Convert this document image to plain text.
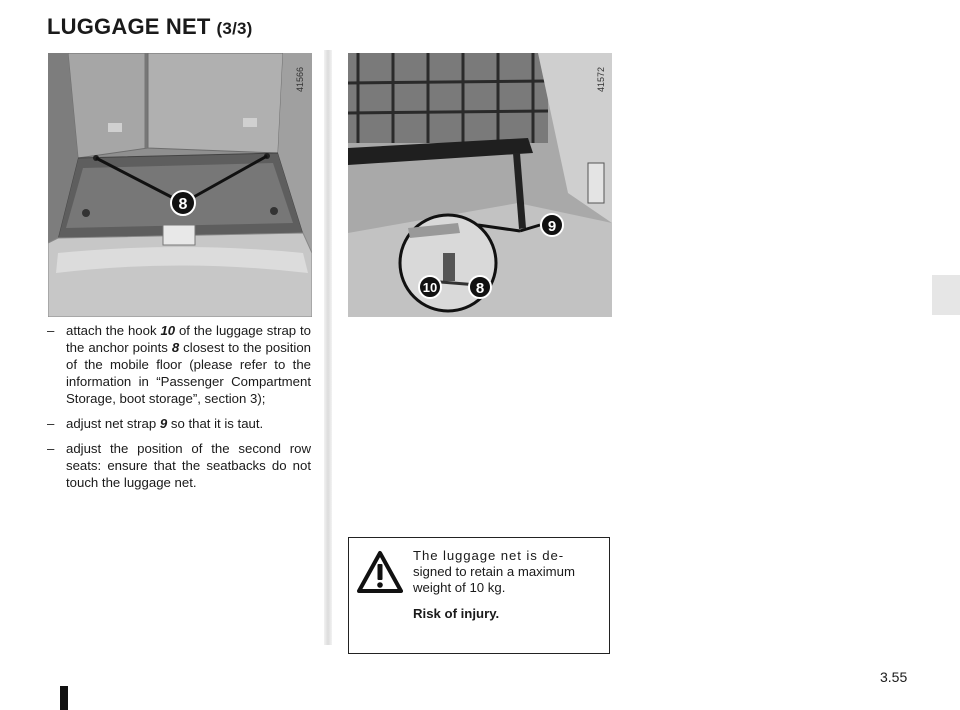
LUGGAGE NET (3/3)
8
41566
9
10	8
41572
– attach the hook 10 of the luggage strap to the anchor points 8 closest to the position of the mobile floor (please refer to the information in “Passenger Compartment Storage, boot storage”, section 3);
– adjust net strap 9 so that it is taut.
– adjust the position of the second row seats: ensure that the seatbacks do not touch the luggage net.

The luggage net is de-
signed to retain a maximum weight of 10 kg.

Risk of injury.

3.55
